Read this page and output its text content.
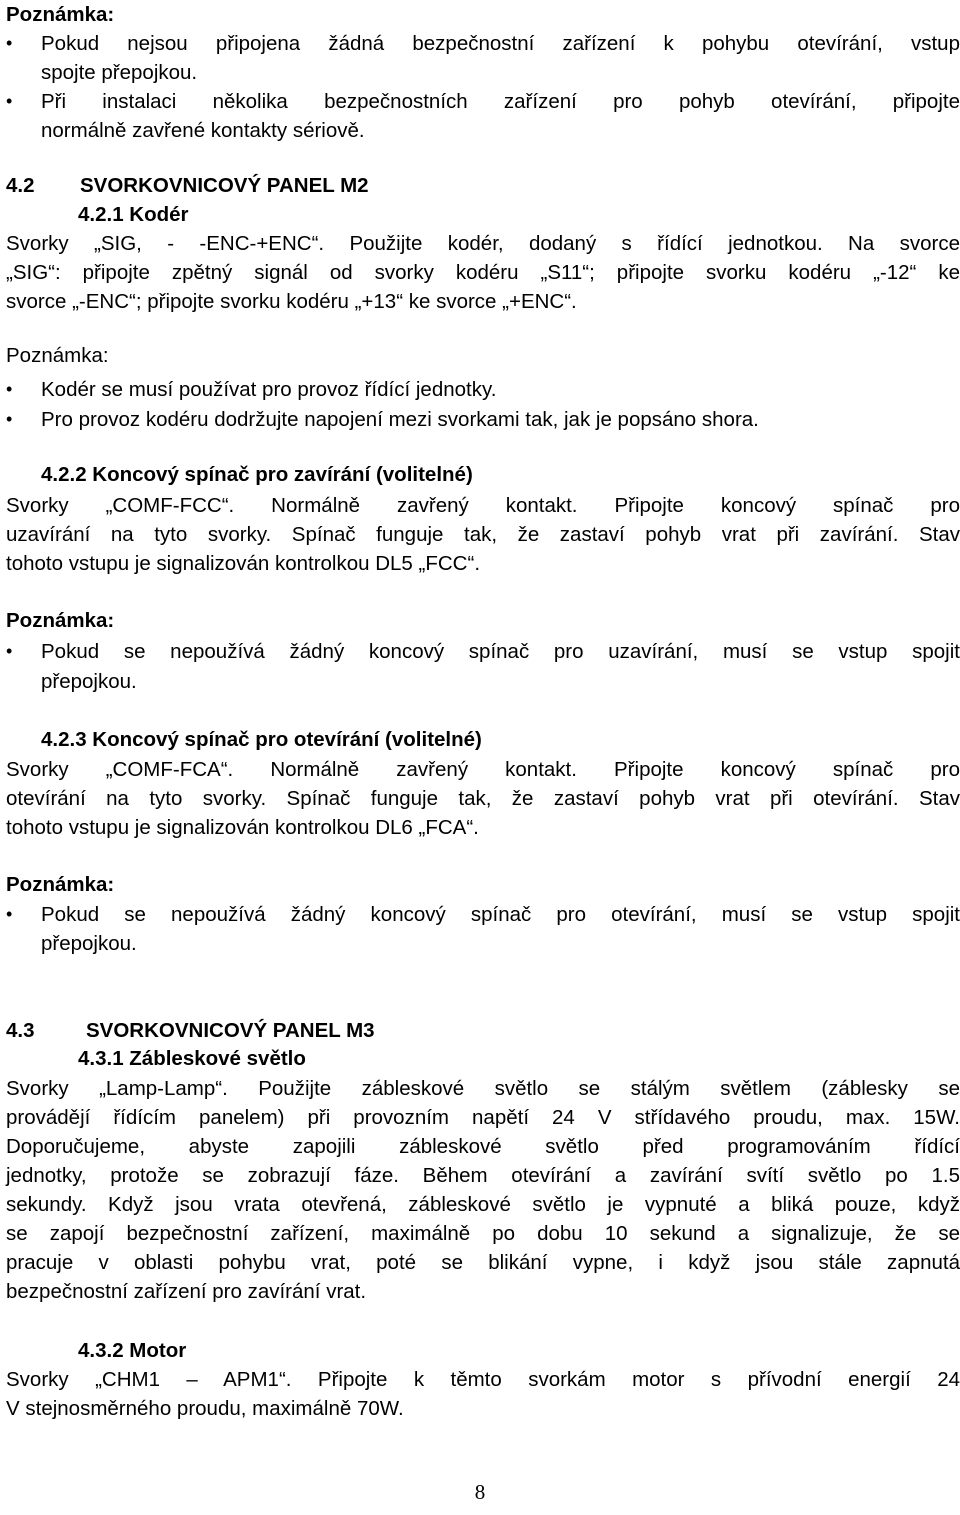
Poznámka:
•	Pokud nejsou připojena žádná bezpečnostní zařízení k pohybu otevírání, vstup
spojte přepojkou.
•	Při instalaci několika bezpečnostních zařízení pro pohyb otevírání, připojte
normálně zavřené kontakty sériově.
4.2 SVORKOVNICOVÝ PANEL M2
4.2.1 Kodér
Svorky „SIG, - -ENC-+ENC“. Použijte kodér, dodaný s řídící jednotkou. Na svorce
„SIG“: připojte zpětný signál od svorky kodéru „S11“; připojte svorku kodéru „-12“ ke
svorce „-ENC“; připojte svorku kodéru „+13“ ke svorce „+ENC“.
Poznámka:
•	Kodér se musí používat pro provoz řídící jednotky.
•	Pro provoz kodéru dodržujte napojení mezi svorkami tak, jak je popsáno shora.
4.2.2 Koncový spínač pro zavírání (volitelné)
Svorky „COMF-FCC“. Normálně zavřený kontakt. Připojte koncový spínač pro
uzavírání na tyto svorky. Spínač funguje tak, že zastaví pohyb vrat při zavírání. Stav
tohoto vstupu je signalizován kontrolkou DL5 „FCC“.
Poznámka:
•	Pokud se nepoužívá žádný koncový spínač pro uzavírání, musí se vstup spojit
přepojkou.
4.2.3 Koncový spínač pro otevírání (volitelné)
Svorky „COMF-FCA“. Normálně zavřený kontakt. Připojte koncový spínač pro
otevírání na tyto svorky. Spínač funguje tak, že zastaví pohyb vrat při otevírání. Stav
tohoto vstupu je signalizován kontrolkou DL6 „FCA“.
Poznámka:
•	Pokud se nepoužívá žádný koncový spínač pro otevírání, musí se vstup spojit
přepojkou.
4.3	SVORKOVNICOVÝ PANEL M3
4.3.1 Zábleskové světlo
Svorky „Lamp-Lamp“. Použijte zábleskové světlo se stálým světlem (záblesky se
provádějí řídícím panelem) při provozním napětí 24 V střídavého proudu, max. 15W.
Doporučujeme, abyste zapojili zábleskové světlo před programováním řídící
jednotky, protože se zobrazují fáze. Během otevírání a zavírání svítí světlo po 1.5
sekundy. Když jsou vrata otevřená, zábleskové světlo je vypnuté a bliká pouze, když
se zapojí bezpečnostní zařízení, maximálně po dobu 10 sekund a signalizuje, že se
pracuje v oblasti pohybu vrat, poté se blikání vypne, i když jsou stále zapnutá
bezpečnostní zařízení pro zavírání vrat.
4.3.2 Motor
Svorky „CHM1 – APM1“. Připojte k těmto svorkám motor s přívodní energií 24
V stejnosměrného proudu, maximálně 70W.
8
